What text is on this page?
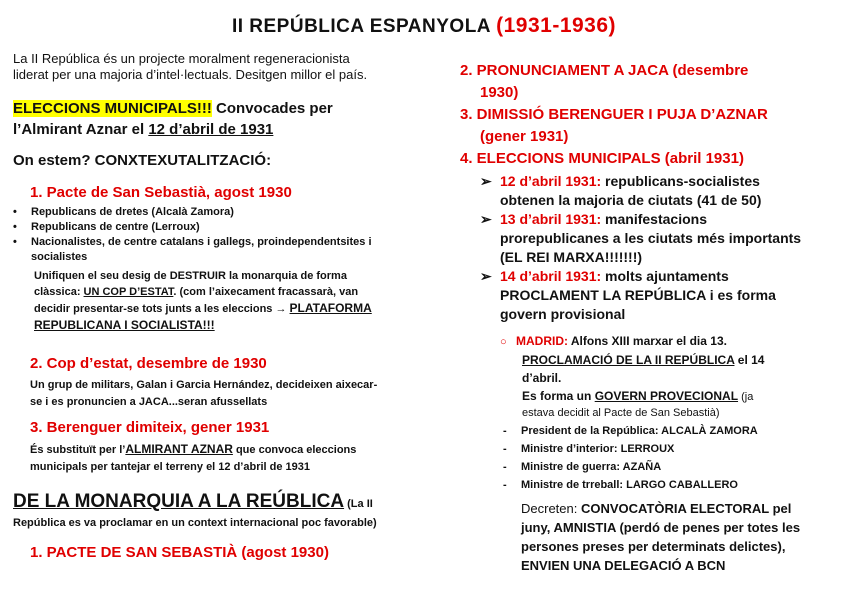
II REPÚBLICA ESPANYOLA (1931-1936)
La II República és un projecte moralment regeneracionista
liderat per una majoria d’intel·lectuals. Desitgen millor el país.
ELECCIONS MUNICIPALS!!! Convocades per
l’Almirant Aznar el 12 d’abril de 1931
On estem? CONXTEXUTALITZACIÓ:
1. Pacte de San Sebastià, agost 1930
• Republicans de dretes (Alcalà Zamora)
• Republicans de centre (Lerroux)
• Nacionalistes, de centre catalans i gallegs, proindependentsites i
socialistes
Unifiquen el seu desig de DESTRUIR la monarquia de forma
clàssica: UN COP D’ESTAT. (com l’aixecament fracassarà, van
decidir presentar-se tots junts a les eleccions → PLATAFORMA
REPUBLICANA I SOCIALISTA!!!
2. Cop d’estat, desembre de 1930
Un grup de militars, Galan i Garcia Hernández, decideixen aixecar-
se i es pronuncien a JACA...seran afussellats
3. Berenguer dimiteix, gener 1931
És substituït per l’ALMIRANT AZNAR que convoca eleccions
municipals per tantejar el terreny el 12 d’abril de 1931
DE LA MONARQUIA A LA REÚBLICA (La II
República es va proclamar en un context internacional poc favorable)
1. PACTE DE SAN SEBASTIÀ (agost 1930)
2. PRONUNCIAMENT A JACA (desembre
1930)
3. DIMISSIÓ BERENGUER I PUJA D’AZNAR
(gener 1931)
4. ELECCIONS MUNICIPALS (abril 1931)
➢ 12 d’abril 1931: republicans-socialistes
obtenen la majoria de ciutats (41 de 50)
➢ 13 d’abril 1931: manifestacions
prorepublicanes a les ciutats més importants
(EL REI MARXA!!!!!!!)
➢ 14 d’abril 1931: molts ajuntaments
PROCLAMENT LA REPÚBLICA i es forma
govern provisional
○ MADRID: Alfons XIII marxar el dia 13.
PROCLAMACIÓ DE LA II REPÚBLICA el 14
d’abril.
Es forma un GOVERN PROVECIONAL (ja
estava decidit al Pacte de San Sebastià)
- President de la República: ALCALÀ ZAMORA
- Ministre d’interior: LERROUX
- Ministre de guerra: AZAÑA
- Ministre de trreball: LARGO CABALLERO
Decreten: CONVOCATÒRIA ELECTORAL pel
juny, AMNISTIA (perdó de penes per totes les
persones preses per determinats delictes),
ENVIEN UNA DELEGACIÓ A BCN
